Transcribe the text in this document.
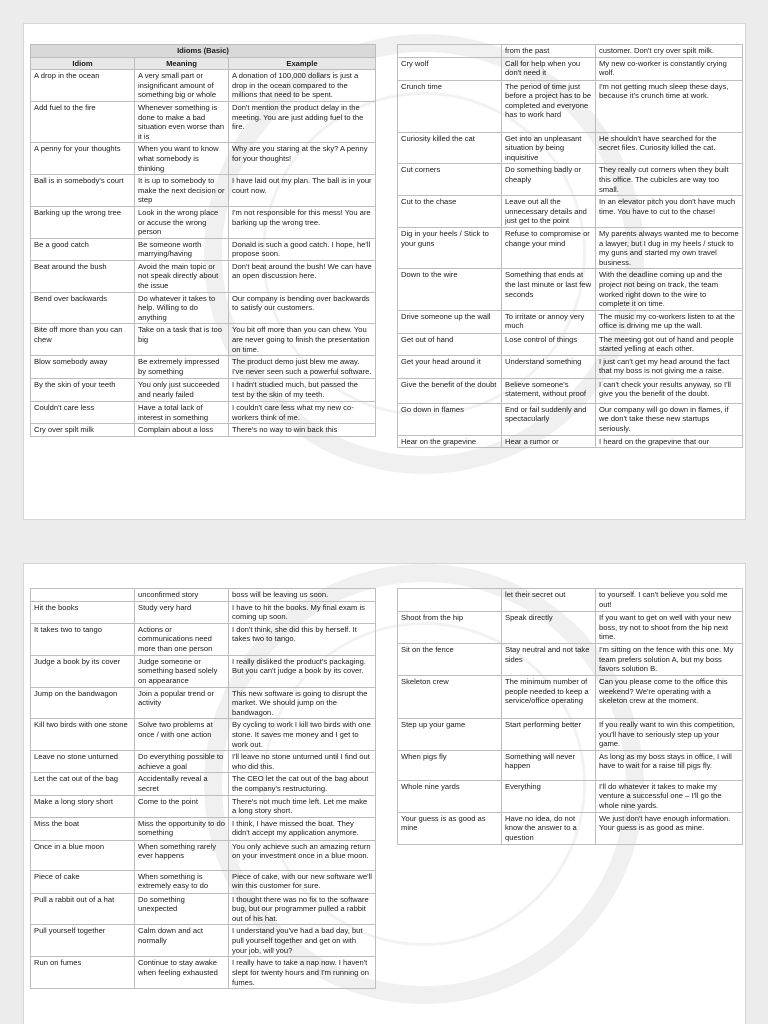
Idioms (Basic)		
Idiom	Meaning	Example
A drop in the ocean	A very small part or insignificant amount of something big or whole	A donation of 100,000 dollars is just a drop in the ocean compared to the millions that need to be spent.
Add fuel to the fire	Whenever something is done to make a bad situation even worse than it is	Don't mention the product delay in the meeting. You are just adding fuel to the fire.
A penny for your thoughts	When you want to know what somebody is thinking	Why are you staring at the sky? A penny for your thoughts!
Ball is in somebody's court	It is up to somebody to make the next decision or step	I have laid out my plan. The ball is in your court now.
Barking up the wrong tree	Look in the wrong place or accuse the wrong person	I'm not responsible for this mess! You are barking up the wrong tree.
Be a good catch	Be someone worth marrying/having	Donald is such a good catch. I hope, he'll propose soon.
Beat around the bush	Avoid the main topic or not speak directly about the issue	Don't beat around the bush! We can have an open discussion here.
Bend over backwards	Do whatever it takes to help. Willing to do anything	Our company is bending over backwards to satisfy our customers.
Bite off more than you can chew	Take on a task that is too big	You bit off more than you can chew. You are never going to finish the presentation on time.
Blow somebody away	Be extremely impressed by something	The product demo just blew me away. I've never seen such a powerful software.
By the skin of your teeth	You only just succeeded and nearly failed	I hadn't studied much, but passed the test by the skin of my teeth.
Couldn't care less	Have a total lack of interest in something	I couldn't care less what my new co-workers think of me.
Cry over spilt milk	Complain about a loss	There's no way to win back this
	from the past	customer. Don't cry over spilt milk.
Cry wolf	Call for help when you don't need it	My new co-worker is constantly crying wolf.
Crunch time	The period of time just before a project has to be completed and everyone has to work hard	I'm not getting much sleep these days, because it's crunch time at work.
Curiosity killed the cat	Get into an unpleasant situation by being inquisitive	He shouldn't have searched for the secret files. Curiosity killed the cat.
Cut corners	Do something badly or cheaply	They really cut corners when they built this office. The cubicles are way too small.
Cut to the chase	Leave out all the unnecessary details and just get to the point	In an elevator pitch you don't have much time. You have to cut to the chase!
Dig in your heels / Stick to your guns	Refuse to compromise or change your mind	My parents always wanted me to become a lawyer, but I dug in my heels / stuck to my guns and started my own travel business.
Down to the wire	Something that ends at the last minute or last few seconds	With the deadline coming up and the project not being on track, the team worked right down to the wire to complete it on time.
Drive someone up the wall	To irritate or annoy very much	The music my co-workers listen to at the office is driving me up the wall.
Get out of hand	Lose control of things	The meeting got out of hand and people started yelling at each other.
Get your head around it	Understand something	I just can't get my head around the fact that my boss is not giving me a raise.
Give the benefit of the doubt	Believe someone's statement, without proof	I can't check your results anyway, so I'll give you the benefit of the doubt.
Go down in flames	End or fail suddenly and spectacularly	Our company will go down in flames, if we don't take these new startups seriously.
Hear on the grapevine	Hear a rumor or	I heard on the grapevine that our
	unconfirmed story	boss will be leaving us soon.
Hit the books	Study very hard	I have to hit the books. My final exam is coming up soon.
It takes two to tango	Actions or communications need more than one person	I don't think, she did this by herself. It takes two to tango.
Judge a book by its cover	Judge someone or something based solely on appearance	I really disliked the product's packaging. But you can't judge a book by its cover.
Jump on the bandwagon	Join a popular trend or activity	This new software is going to disrupt the market. We should jump on the bandwagon.
Kill two birds with one stone	Solve two problems at once / with one action	By cycling to work I kill two birds with one stone. It saves me money and I get to work out.
Leave no stone unturned	Do everything possible to achieve a goal	I'll leave no stone unturned until I find out who did this.
Let the cat out of the bag	Accidentally reveal a secret	The CEO let the cat out of the bag about the company's restructuring.
Make a long story short	Come to the point	There's not much time left. Let me make a long story short.
Miss the boat	Miss the opportunity to do something	I think, I have missed the boat. They didn't accept my application anymore.
Once in a blue moon	When something rarely ever happens	You only achieve such an amazing return on your investment once in a blue moon.
Piece of cake	When something is extremely easy to do	Piece of cake, with our new software we'll win this customer for sure.
Pull a rabbit out of a hat	Do something unexpected	I thought there was no fix to the software bug, but our programmer pulled a rabbit out of his hat.
Pull yourself together	Calm down and act normally	I understand you've had a bad day, but pull yourself together and get on with your job, will you?
Run on fumes	Continue to stay awake when feeling exhausted	I really have to take a nap now. I haven't slept for twenty hours and I'm running on fumes.
	let their secret out	to yourself. I can't believe you sold me out!
Shoot from the hip	Speak directly	If you want to get on well with your new boss, try not to shoot from the hip next time.
Sit on the fence	Stay neutral and not take sides	I'm sitting on the fence with this one. My team prefers solution A, but my boss favors solution B.
Skeleton crew	The minimum number of people needed to keep a service/office operating	Can you please come to the office this weekend? We're operating with a skeleton crew at the moment.
Step up your game	Start performing better	If you really want to win this competition, you'll have to seriously step up your game.
When pigs fly	Something will never happen	As long as my boss stays in office, I will have to wait for a raise till pigs fly.
Whole nine yards	Everything	I'll do whatever it takes to make my venture a successful one – I'll go the whole nine yards.
Your guess is as good as mine	Have no idea, do not know the answer to a question	We just don't have enough information. Your guess is as good as mine.
